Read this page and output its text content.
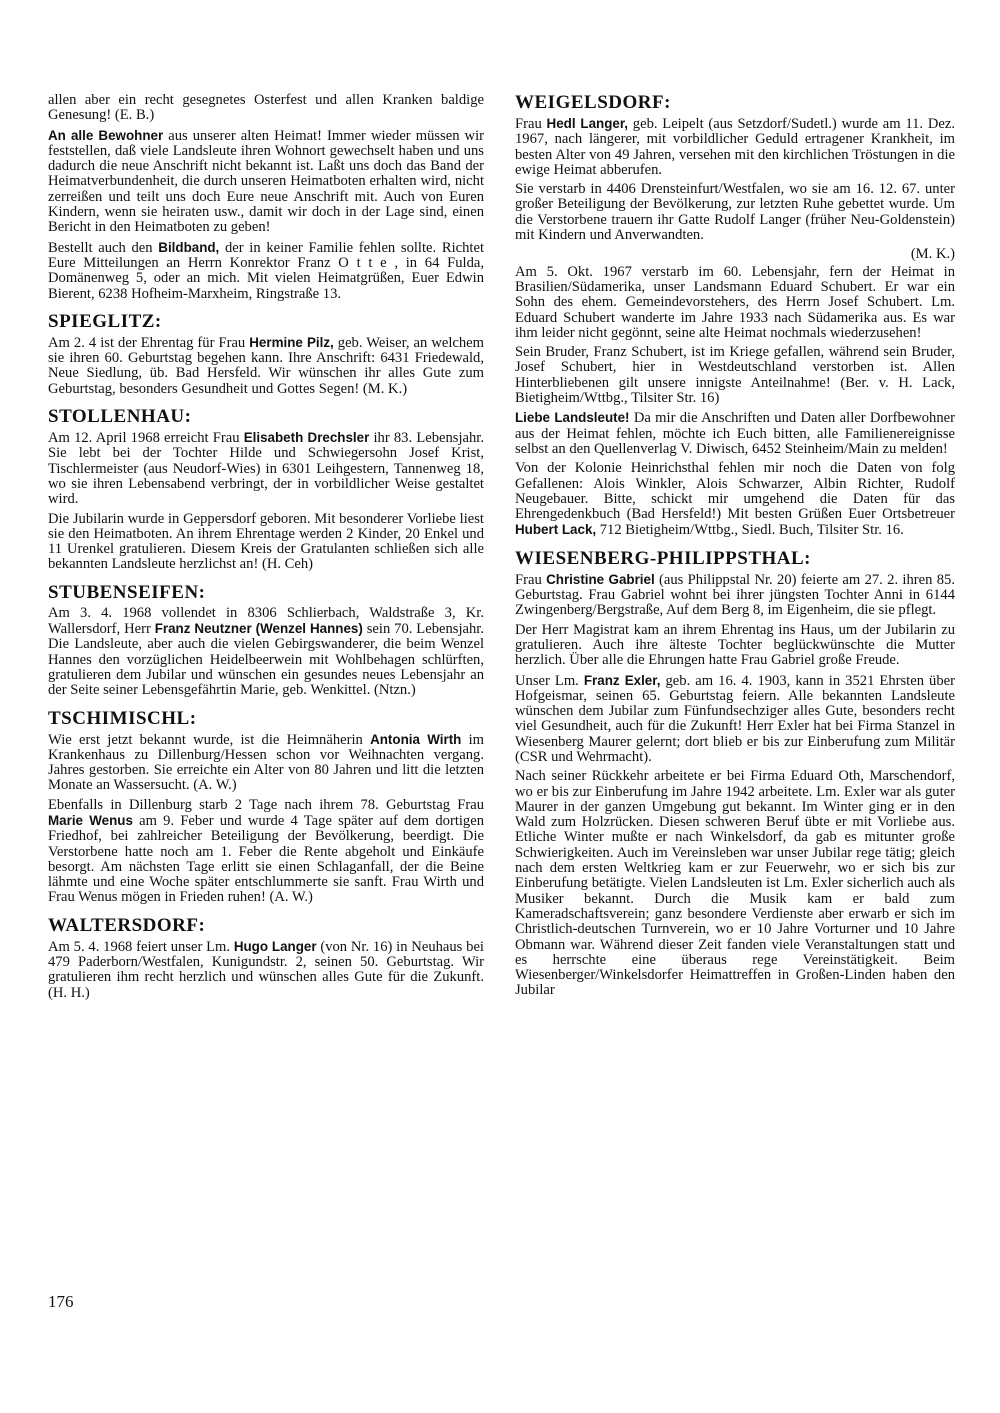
allen aber ein recht gesegnetes Osterfest und allen Kranken baldige Genesung! (E. B.)

An alle Bewohner aus unserer alten Heimat! Immer wieder müssen wir feststellen, daß viele Landsleute ihren Wohnort gewechselt haben und uns dadurch die neue Anschrift nicht bekannt ist. Laßt uns doch das Band der Heimatverbundenheit, die durch unseren Heimatboten erhalten wird, nicht zerreißen und teilt uns doch Eure neue Anschrift mit. Auch von Euren Kindern, wenn sie heiraten usw., damit wir doch in der Lage sind, einen Bericht in den Heimatboten zu geben!

Bestellt auch den Bildband, der in keiner Familie fehlen sollte. Richtet Eure Mitteilungen an Herrn Konrektor Franz O t t e , in 64 Fulda, Domänenweg 5, oder an mich. Mit vielen Heimatgrüßen, Euer Edwin Bierent, 6238 Hofheim-Marxheim, Ringstraße 13.

SPIEGLITZ:

Am 2. 4 ist der Ehrentag für Frau Hermine Pilz, geb. Weiser, an welchem sie ihren 60. Geburtstag begehen kann. Ihre Anschrift: 6431 Friedewald, Neue Siedlung, üb. Bad Hersfeld. Wir wünschen ihr alles Gute zum Geburtstag, besonders Gesundheit und Gottes Segen! (M. K.)

STOLLENHAU:

Am 12. April 1968 erreicht Frau Elisabeth Drechsler ihr 83. Lebensjahr. Sie lebt bei der Tochter Hilde und Schwiegersohn Josef Krist, Tischlermeister (aus Neudorf-Wies) in 6301 Leihgestern, Tannenweg 18, wo sie ihren Lebensabend verbringt, der in vorbildlicher Weise gestaltet wird.

Die Jubilarin wurde in Geppersdorf geboren. Mit besonderer Vorliebe liest sie den Heimatboten. An ihrem Ehrentage werden 2 Kinder, 20 Enkel und 11 Urenkel gratulieren. Diesem Kreis der Gratulanten schließen sich alle bekannten Landsleute herzlichst an! (H. Ceh)

STUBENSEIFEN:

Am 3. 4. 1968 vollendet in 8306 Schlierbach, Waldstraße 3, Kr. Wallersdorf, Herr Franz Neutzner (Wenzel Hannes) sein 70. Lebensjahr. Die Landsleute, aber auch die vielen Gebirgswanderer, die beim Wenzel Hannes den vorzüglichen Heidelbeerwein mit Wohlbehagen schlürften, gratulieren dem Jubilar und wünschen ein gesundes neues Lebensjahr an der Seite seiner Lebensgefährtin Marie, geb. Wenkittel. (Ntzn.)

TSCHIMISCHL:

Wie erst jetzt bekannt wurde, ist die Heimnäherin Antonia Wirth im Krankenhaus zu Dillenburg/Hessen schon vor Weihnachten vergang. Jahres gestorben. Sie erreichte ein Alter von 80 Jahren und litt die letzten Monate an Wassersucht. (A. W.)

Ebenfalls in Dillenburg starb 2 Tage nach ihrem 78. Geburtstag Frau Marie Wenus am 9. Feber und wurde 4 Tage später auf dem dortigen Friedhof, bei zahlreicher Beteiligung der Bevölkerung, beerdigt. Die Verstorbene hatte noch am 1. Feber die Rente abgeholt und Einkäufe besorgt. Am nächsten Tage erlitt sie einen Schlaganfall, der die Beine lähmte und eine Woche später entschlummerte sie sanft. Frau Wirth und Frau Wenus mögen in Frieden ruhen! (A. W.)

WALTERSDORF:

Am 5. 4. 1968 feiert unser Lm. Hugo Langer (von Nr. 16) in Neuhaus bei 479 Paderborn/Westfalen, Kunigundstr. 2, seinen 50. Geburtstag. Wir gratulieren ihm recht herzlich und wünschen alles Gute für die Zukunft. (H. H.)

WEIGELSDORF:

Frau Hedl Langer, geb. Leipelt (aus Setzdorf/Sudetl.) wurde am 11. Dez. 1967, nach längerer, mit vorbildlicher Geduld ertragener Krankheit, im besten Alter von 49 Jahren, versehen mit den kirchlichen Tröstungen in die ewige Heimat abberufen.

Sie verstarb in 4406 Drensteinfurt/Westfalen, wo sie am 16. 12. 67. unter großer Beteiligung der Bevölkerung, zur letzten Ruhe gebettet wurde. Um die Verstorbene trauern ihr Gatte Rudolf Langer (früher Neu-Goldenstein) mit Kindern und Anverwandten.

(M. K.)

Am 5. Okt. 1967 verstarb im 60. Lebensjahr, fern der Heimat in Brasilien/Südamerika, unser Landsmann Eduard Schubert. Er war ein Sohn des ehem. Gemeindevorstehers, des Herrn Josef Schubert. Lm. Eduard Schubert wanderte im Jahre 1933 nach Südamerika aus. Es war ihm leider nicht gegönnt, seine alte Heimat nochmals wiederzusehen!

Sein Bruder, Franz Schubert, ist im Kriege gefallen, während sein Bruder, Josef Schubert, hier in Westdeutschland verstorben ist. Allen Hinterbliebenen gilt unsere innigste Anteilnahme! (Ber. v. H. Lack, Bietigheim/Wttbg., Tilsiter Str. 16)

Liebe Landsleute! Da mir die Anschriften und Daten aller Dorfbewohner aus der Heimat fehlen, möchte ich Euch bitten, alle Familienereignisse selbst an den Quellenverlag V. Diwisch, 6452 Steinheim/Main zu melden!

Von der Kolonie Heinrichsthal fehlen mir noch die Daten von folg Gefallenen: Alois Winkler, Alois Schwarzer, Albin Richter, Rudolf Neugebauer. Bitte, schickt mir umgehend die Daten für das Ehrengedenkbuch (Bad Hersfeld!) Mit besten Grüßen Euer Ortsbetreuer Hubert Lack, 712 Bietigheim/Wttbg., Siedl. Buch, Tilsiter Str. 16.

WIESENBERG-PHILIPPSTHAL:

Frau Christine Gabriel (aus Philippstal Nr. 20) feierte am 27. 2. ihren 85. Geburtstag. Frau Gabriel wohnt bei ihrer jüngsten Tochter Anni in 6144 Zwingenberg/Bergstraße, Auf dem Berg 8, im Eigenheim, die sie pflegt.

Der Herr Magistrat kam an ihrem Ehrentag ins Haus, um der Jubilarin zu gratulieren. Auch ihre älteste Tochter beglückwünschte die Mutter herzlich. Über alle die Ehrungen hatte Frau Gabriel große Freude.

Unser Lm. Franz Exler, geb. am 16. 4. 1903, kann in 3521 Ehrsten über Hofgeismar, seinen 65. Geburtstag feiern. Alle bekannten Landsleute wünschen dem Jubilar zum Fünfundsechziger alles Gute, besonders recht viel Gesundheit, auch für die Zukunft! Herr Exler hat bei Firma Stanzel in Wiesenberg Maurer gelernt; dort blieb er bis zur Einberufung zum Militär (CSR und Wehrmacht).

Nach seiner Rückkehr arbeitete er bei Firma Eduard Oth, Marschendorf, wo er bis zur Einberufung im Jahre 1942 arbeitete. Lm. Exler war als guter Maurer in der ganzen Umgebung gut bekannt. Im Winter ging er in den Wald zum Holzrücken. Diesen schweren Beruf übte er mit Vorliebe aus. Etliche Winter mußte er nach Winkelsdorf, da gab es mitunter große Schwierigkeiten. Auch im Vereinsleben war unser Jubilar rege tätig; gleich nach dem ersten Weltkrieg kam er zur Feuerwehr, wo er sich bis zur Einberufung betätigte. Vielen Landsleuten ist Lm. Exler sicherlich auch als Musiker bekannt. Durch die Musik kam er bald zum Kameradschaftsverein; ganz besondere Verdienste aber erwarb er sich im Christlich-deutschen Turnverein, wo er 10 Jahre Vorturner und 10 Jahre Obmann war. Während dieser Zeit fanden viele Veranstaltungen statt und es herrschte eine überaus rege Vereinstätigkeit. Beim Wiesenberger/Winkelsdorfer Heimattreffen in Großen-Linden haben den Jubilar

176
